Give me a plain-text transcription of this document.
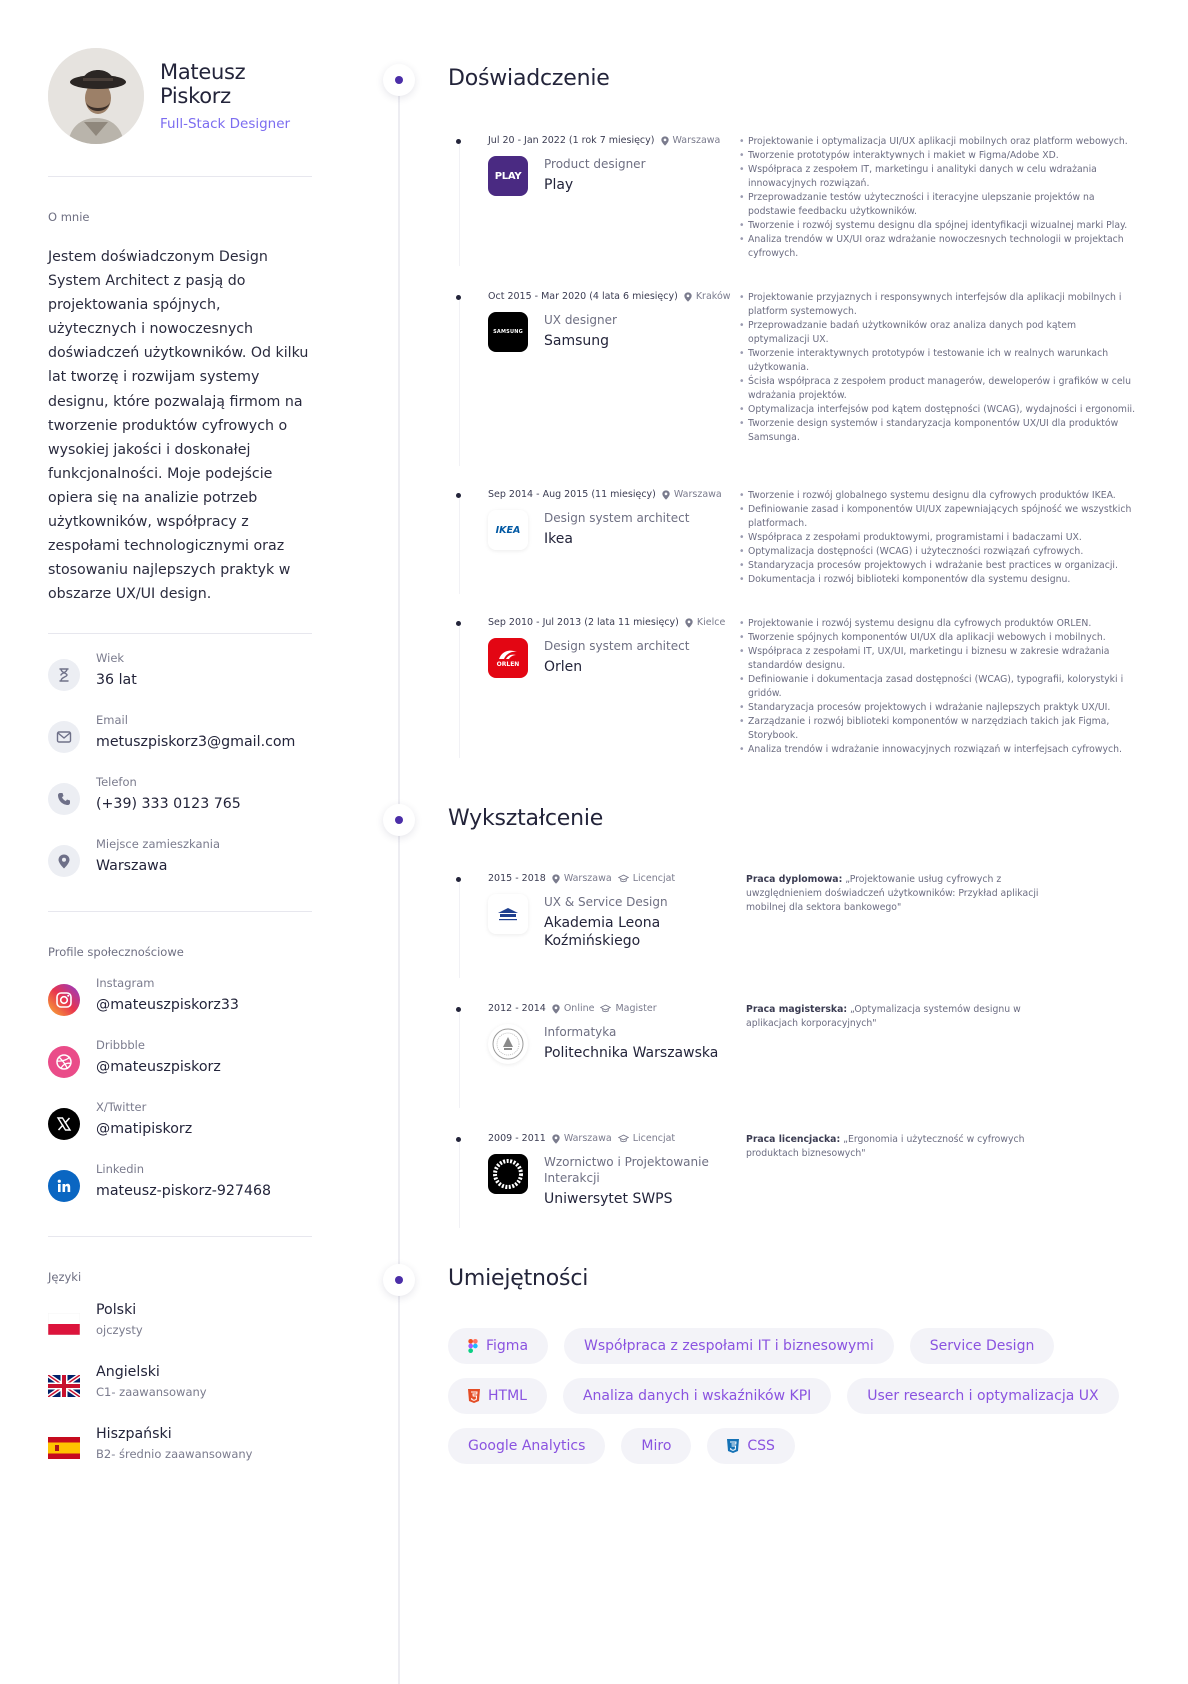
Mateusz Piskorz
Full-Stack Designer
O mnie
Jestem doświadczonym Design System Architect z pasją do projektowania spójnych, użytecznych i nowoczesnych doświadczeń użytkowników. Od kilku lat tworzę i rozwijam systemy designu, które pozwalają firmom na tworzenie produktów cyfrowych o wysokiej jakości i doskonałej funkcjonalności. Moje podejście opiera się na analizie potrzeb użytkowników, współpracy z zespołami technologicznymi oraz stosowaniu najlepszych praktyk w obszarze UX/UI design.
Wiek
36 lat
Email
metuszpiskorz3@gmail.com
Telefon
(+39) 333 0123 765
Miejsce zamieszkania
Warszawa
Profile społecznościowe
Instagram
@mateuszpiskorz33
Dribbble
@mateuszpiskorz
X/Twitter
@matipiskorz
Linkedin
mateusz-piskorz-927468
Języki
Polski
ojczysty
Angielski
C1- zaawansowany
Hiszpański
B2- średnio zaawansowany
Doświadczenie
Wykształcenie
Umiejętności
Jul 20 - Jan 2022 (1 rok 7 miesięcy) Warszawa
PLAY
Product designer
Play
• Projektowanie i optymalizacja UI/UX aplikacji mobilnych oraz platform webowych.
• Tworzenie prototypów interaktywnych i makiet w Figma/Adobe XD.
• Współpraca z zespołem IT, marketingu i analityki danych w celu wdrażania innowacyjnych rozwiązań.
• Przeprowadzanie testów użyteczności i iteracyjne ulepszanie projektów na podstawie feedbacku użytkowników.
• Tworzenie i rozwój systemu designu dla spójnej identyfikacji wizualnej marki Play.
• Analiza trendów w UX/UI oraz wdrażanie nowoczesnych technologii w projektach cyfrowych.
Oct 2015 - Mar 2020 (4 lata 6 miesięcy) Kraków
SAMSUNG
UX designer
Samsung
• Projektowanie przyjaznych i responsywnych interfejsów dla aplikacji mobilnych i platform systemowych.
• Przeprowadzanie badań użytkowników oraz analiza danych pod kątem optymalizacji UX.
• Tworzenie interaktywnych prototypów i testowanie ich w realnych warunkach użytkowania.
• Ścisła współpraca z zespołem product managerów, deweloperów i grafików w celu wdrażania projektów.
• Optymalizacja interfejsów pod kątem dostępności (WCAG), wydajności i ergonomii.
• Tworzenie design systemów i standaryzacja komponentów UX/UI dla produktów Samsunga.
Sep 2014 - Aug 2015 (11 miesięcy) Warszawa
IKEA
Design system architect
Ikea
• Tworzenie i rozwój globalnego systemu designu dla cyfrowych produktów IKEA.
• Definiowanie zasad i komponentów UI/UX zapewniających spójność we wszystkich platformach.
• Współpraca z zespołami produktowymi, programistami i badaczami UX.
• Optymalizacja dostępności (WCAG) i użyteczności rozwiązań cyfrowych.
• Standaryzacja procesów projektowych i wdrażanie best practices w organizacji.
• Dokumentacja i rozwój biblioteki komponentów dla systemu designu.
Sep 2010 - Jul 2013 (2 lata 11 miesięcy) Kielce
ORLEN
Design system architect
Orlen
• Projektowanie i rozwój systemu designu dla cyfrowych produktów ORLEN.
• Tworzenie spójnych komponentów UI/UX dla aplikacji webowych i mobilnych.
• Współpraca z zespołami IT, UX/UI, marketingu i biznesu w zakresie wdrażania standardów designu.
• Definiowanie i dokumentacja zasad dostępności (WCAG), typografii, kolorystyki i gridów.
• Standaryzacja procesów projektowych i wdrażanie najlepszych praktyk UX/UI.
• Zarządzanie i rozwój biblioteki komponentów w narzędziach takich jak Figma, Storybook.
• Analiza trendów i wdrażanie innowacyjnych rozwiązań w interfejsach cyfrowych.
2015 - 2018 Warszawa Licencjat
UX & Service Design
Akademia Leona Koźmińskiego
Praca dyplomowa: „Projektowanie usług cyfrowych z uwzględnieniem doświadczeń użytkowników: Przykład aplikacji mobilnej dla sektora bankowego"
2012 - 2014 Online Magister
Informatyka
Politechnika Warszawska
Praca magisterska: „Optymalizacja systemów designu w aplikacjach korporacyjnych"
2009 - 2011 Warszawa Licencjat
Wzornictwo i Projektowanie Interakcji
Uniwersytet SWPS
Praca licencjacka: „Ergonomia i użyteczność w cyfrowych produktach biznesowych"
Figma	Współpraca z zespołami IT i biznesowymi	Service Design
HTML	Analiza danych i wskaźników KPI	User research i optymalizacja UX
Google Analytics	Miro	CSS
